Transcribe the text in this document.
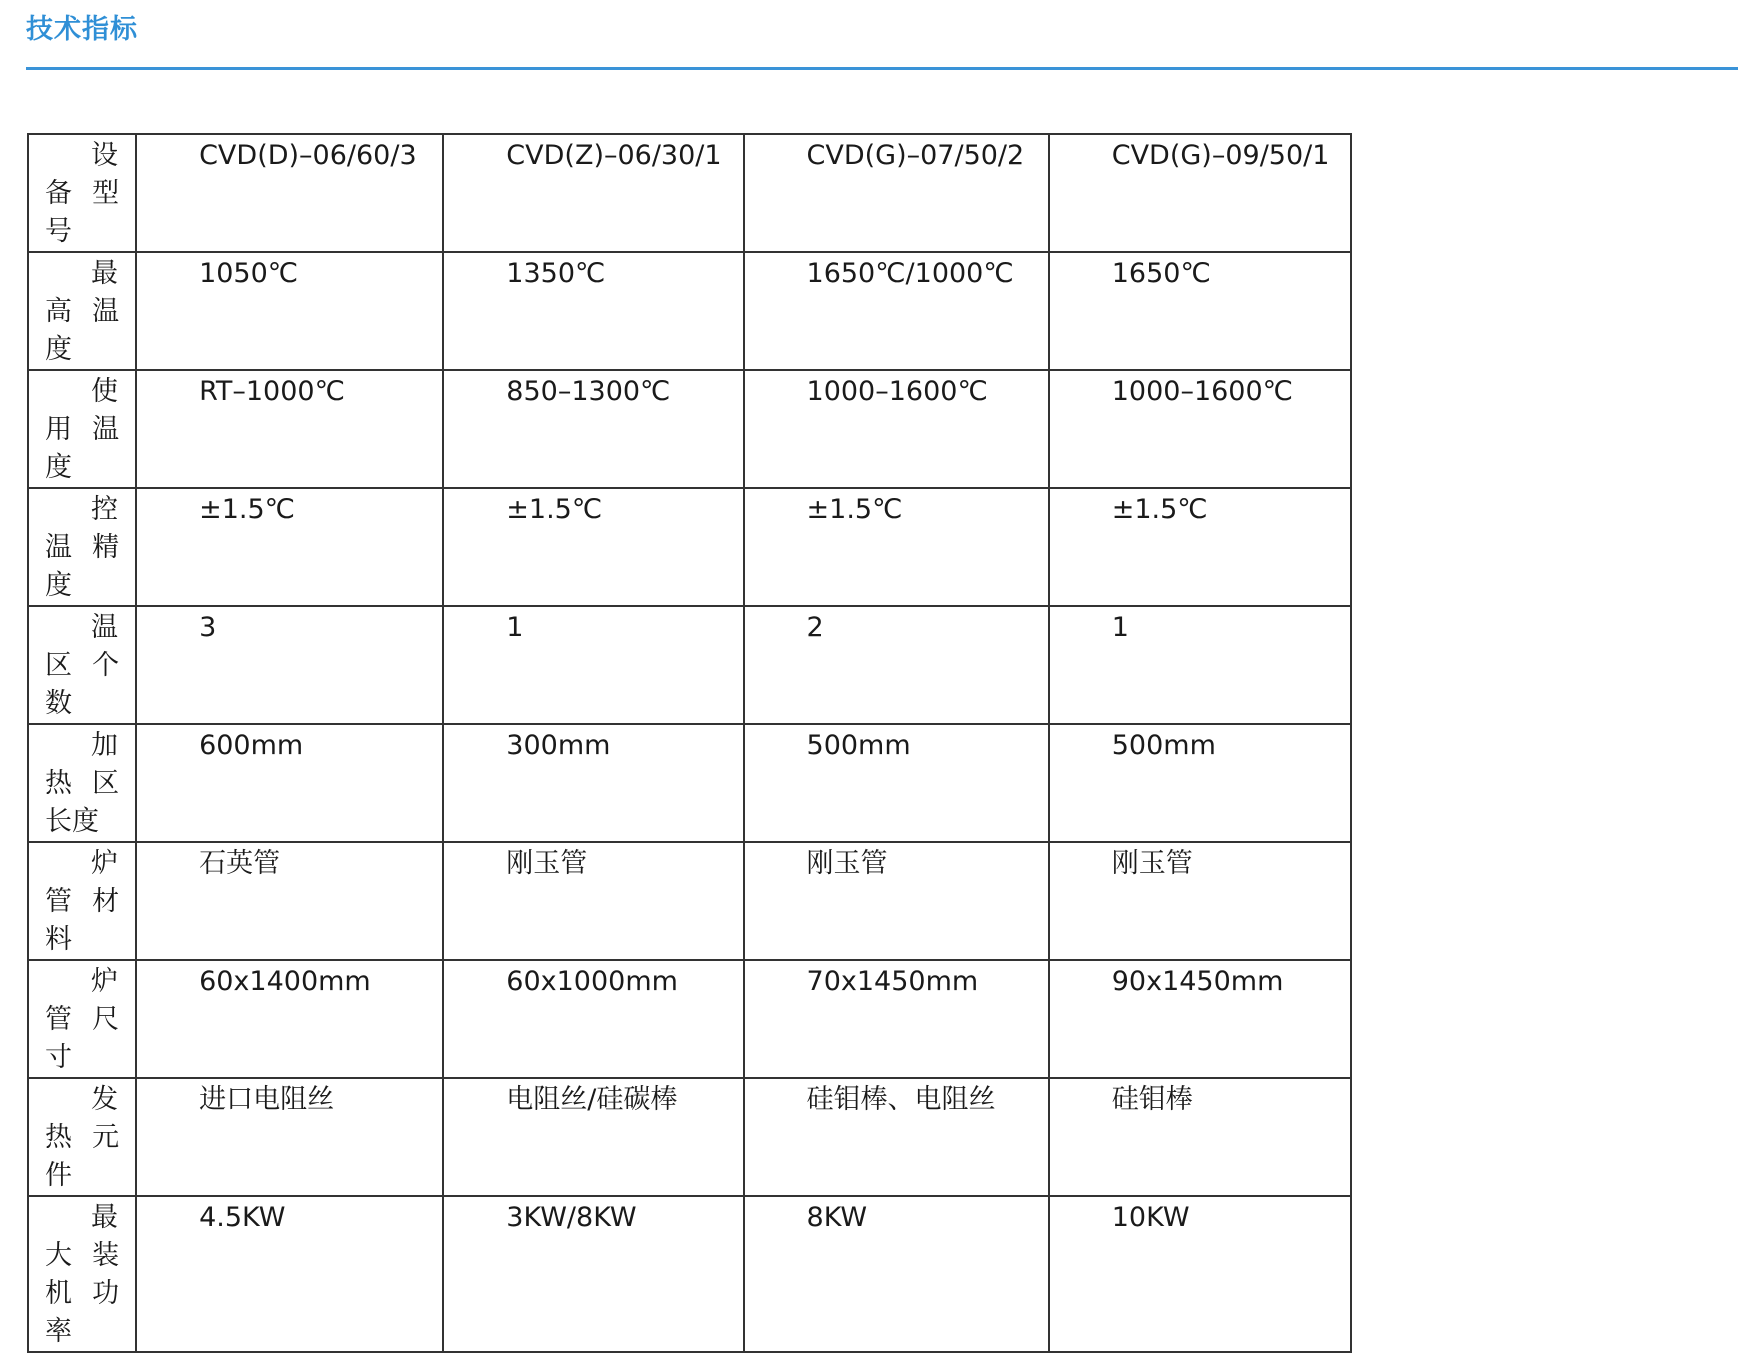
技术指标
设备型号	CVD(D)–06/60/3	CVD(Z)–06/30/1	CVD(G)–07/50/2	CVD(G)–09/50/1
最高温度	1050℃	1350℃	1650℃/1000℃	1650℃
使用温度	RT–1000℃	850–1300℃	1000–1600℃	1000–1600℃
控温精度	±1.5℃	±1.5℃	±1.5℃	±1.5℃
温区个数	3	1	2	1
加热区长度	600mm	300mm	500mm	500mm
炉管材料	石英管	刚玉管	刚玉管	刚玉管
炉管尺寸	60x1400mm	60x1000mm	70x1450mm	90x1450mm
发热元件	进口电阻丝	电阻丝/硅碳棒	硅钼棒、电阻丝	硅钼棒
最大装机功率	4.5KW	3KW/8KW	8KW	10KW
